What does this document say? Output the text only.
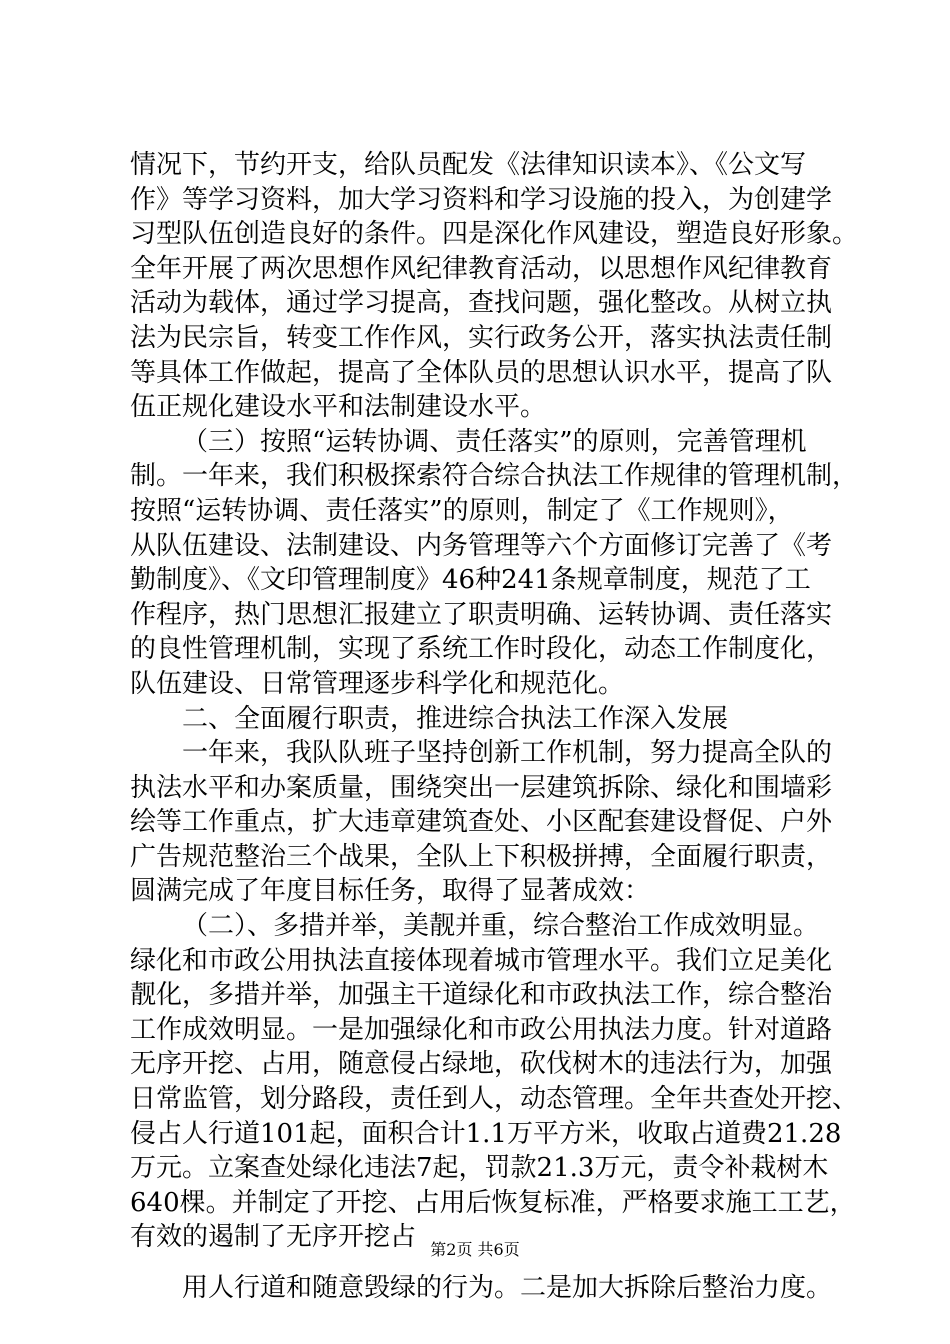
情况下，节约开支，给队员配发《法律知识读本》、《公文写
作》等学习资料，加大学习资料和学习设施的投入，为创建学
习型队伍创造良好的条件。四是深化作风建设，塑造良好形象。
全年开展了两次思想作风纪律教育活动，以思想作风纪律教育
活动为载体，通过学习提高，查找问题，强化整改。从树立执
法为民宗旨，转变工作作风，实行政务公开，落实执法责任制
等具体工作做起，提高了全体队员的思想认识水平，提高了队
伍正规化建设水平和法制建设水平。
（三）按照“运转协调、责任落实”的原则，完善管理机
制。一年来，我们积极探索符合综合执法工作规律的管理机制，
按照“运转协调、责任落实”的原则，制定了《工作规则》，
从队伍建设、法制建设、内务管理等六个方面修订完善了《考
勤制度》、《文印管理制度》46种241条规章制度，规范了工
作程序，热门思想汇报建立了职责明确、运转协调、责任落实
的良性管理机制，实现了系统工作时段化，动态工作制度化，
队伍建设、日常管理逐步科学化和规范化。
二、全面履行职责，推进综合执法工作深入发展
一年来，我队队班子坚持创新工作机制，努力提高全队的
执法水平和办案质量，围绕突出一层建筑拆除、绿化和围墙彩
绘等工作重点，扩大违章建筑查处、小区配套建设督促、户外
广告规范整治三个战果，全队上下积极拼搏，全面履行职责，
圆满完成了年度目标任务，取得了显著成效：
（二）、多措并举，美靓并重，综合整治工作成效明显。
绿化和市政公用执法直接体现着城市管理水平。我们立足美化
靓化，多措并举，加强主干道绿化和市政执法工作，综合整治
工作成效明显。一是加强绿化和市政公用执法力度。针对道路
无序开挖、占用，随意侵占绿地，砍伐树木的违法行为，加强
日常监管，划分路段，责任到人，动态管理。全年共查处开挖、
侵占人行道101起，面积合计1.1万平方米，收取占道费21.28
万元。立案查处绿化违法7起，罚款21.3万元，责令补栽树木
640棵。并制定了开挖、占用后恢复标准，严格要求施工工艺，
有效的遏制了无序开挖占
用人行道和随意毁绿的行为。二是加大拆除后整治力度。
第2页 共6页
